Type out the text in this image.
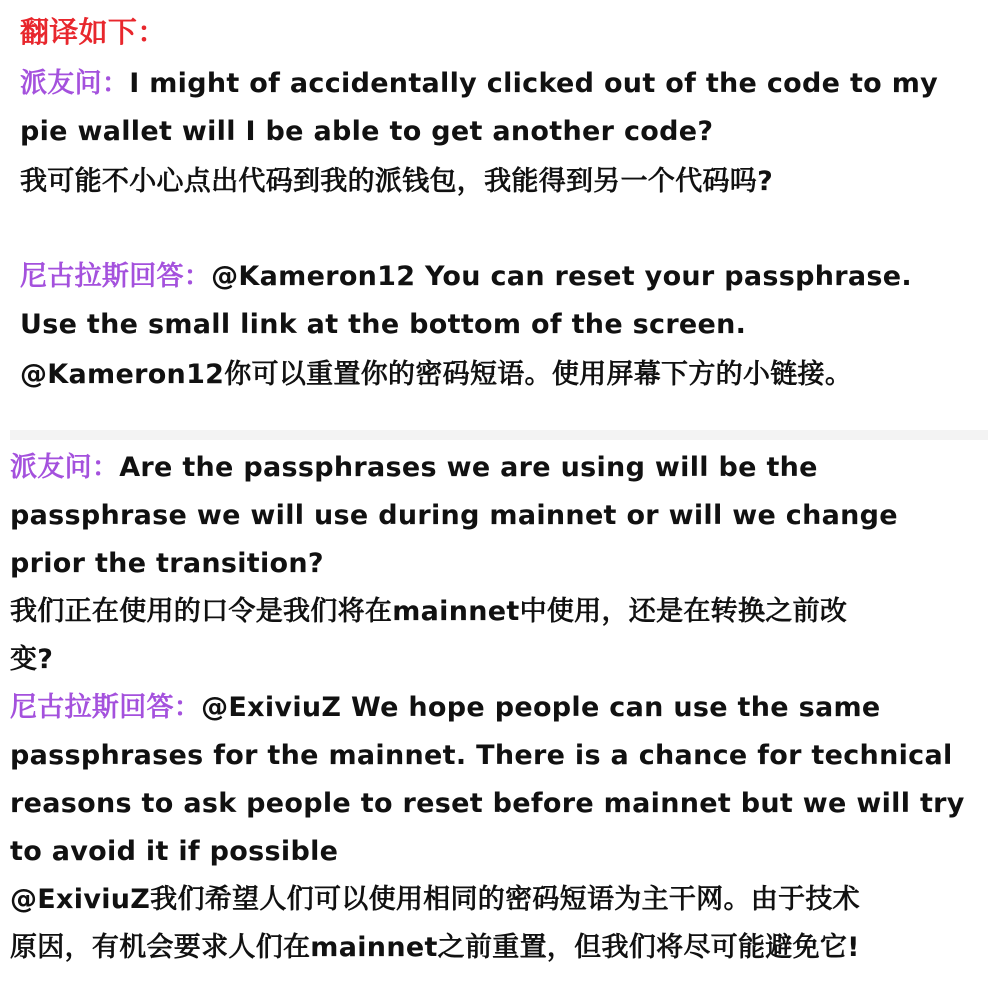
翻译如下：
派友问：I might of accidentally clicked out of the code to my
pie wallet will I be able to get another code?
我可能不小心点出代码到我的派钱包，我能得到另一个代码吗?
尼古拉斯回答：@Kameron12 You can reset your passphrase.
Use the small link at the bottom of the screen.
@Kameron12你可以重置你的密码短语。使用屏幕下方的小链接。
派友问：Are the passphrases we are using will be the
passphrase we will use during mainnet or will we change
prior the transition?
我们正在使用的口令是我们将在mainnet中使用，还是在转换之前改
变?
尼古拉斯回答：@ExiviuZ We hope people can use the same
passphrases for the mainnet. There is a chance for technical
reasons to ask people to reset before mainnet but we will try
to avoid it if possible
@ExiviuZ我们希望人们可以使用相同的密码短语为主干网。由于技术
原因，有机会要求人们在mainnet之前重置，但我们将尽可能避免它!
